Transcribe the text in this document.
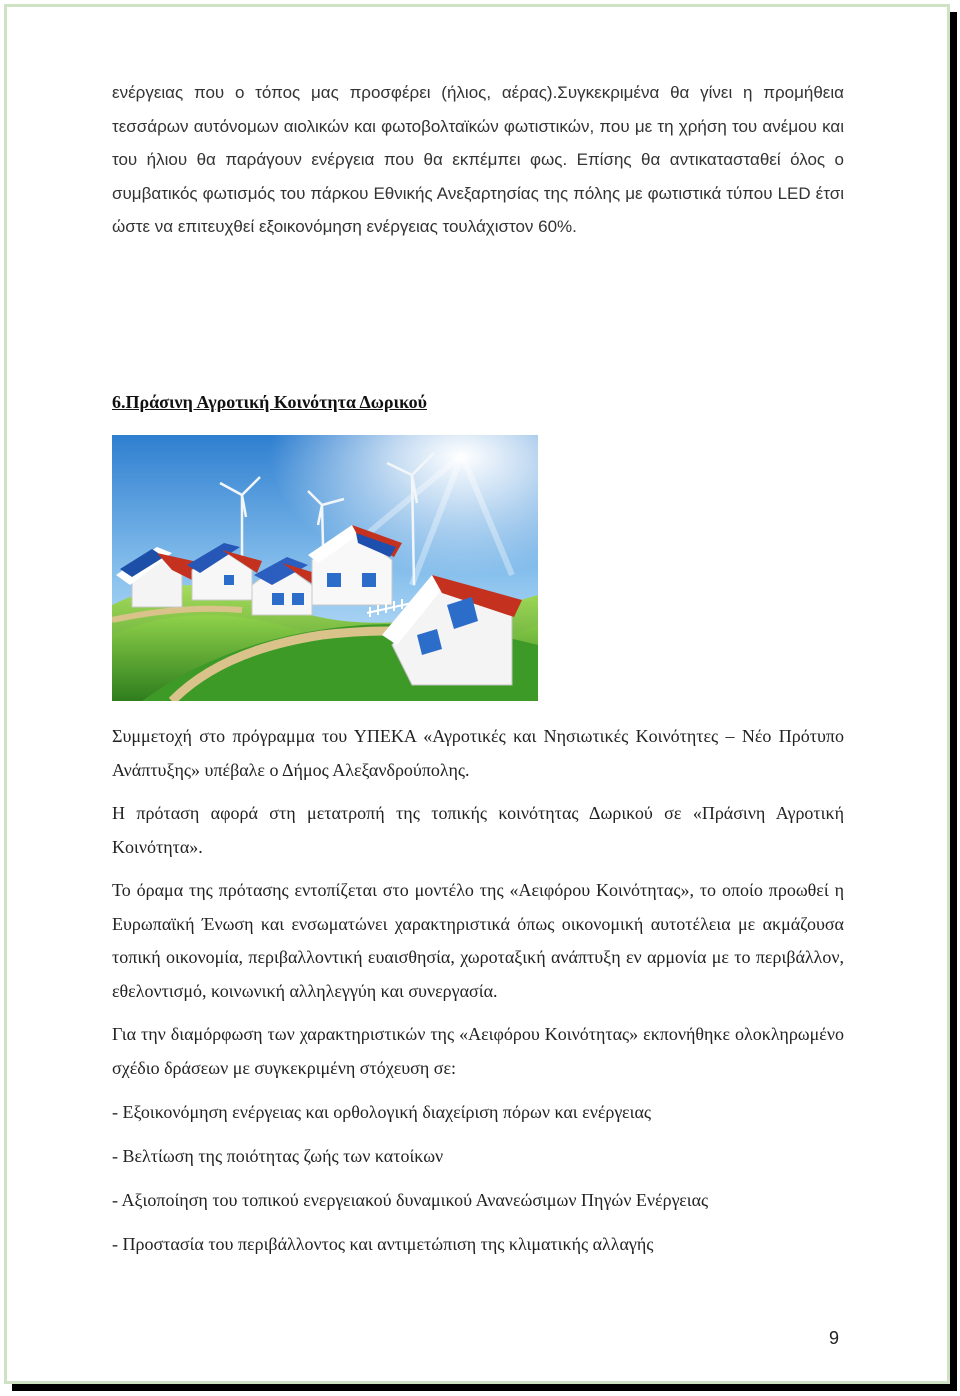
ενέργειας που ο τόπος μας προσφέρει (ήλιος, αέρας).Συγκεκριμένα θα γίνει η προμήθεια τεσσάρων αυτόνομων αιολικών και φωτοβολταϊκών φωτιστικών, που με τη χρήση του ανέμου και του ήλιου θα παράγουν ενέργεια που θα εκπέμπει φως. Επίσης θα αντικατασταθεί όλος ο συμβατικός φωτισμός του πάρκου Εθνικής Ανεξαρτησίας της πόλης με φωτιστικά τύπου LED έτσι ώστε να επιτευχθεί εξοικονόμηση ενέργειας τουλάχιστον 60%.

6.Πράσινη Αγροτική Κοινότητα Δωρικού

Συμμετοχή στο πρόγραμμα του ΥΠΕΚΑ «Αγροτικές και Νησιωτικές Κοινότητες – Νέο Πρότυπο Ανάπτυξης» υπέβαλε ο Δήμος Αλεξανδρούπολης.

Η πρόταση αφορά στη μετατροπή της τοπικής κοινότητας Δωρικού σε «Πράσινη Αγροτική Κοινότητα».

Το όραμα της πρότασης εντοπίζεται στο μοντέλο της «Αειφόρου Κοινότητας», το οποίο προωθεί η Ευρωπαϊκή Ένωση και ενσωματώνει χαρακτηριστικά όπως οικονομική αυτοτέλεια με ακμάζουσα τοπική οικονομία, περιβαλλοντική ευαισθησία, χωροταξική ανάπτυξη εν αρμονία με το περιβάλλον, εθελοντισμό, κοινωνική αλληλεγγύη και συνεργασία.

Για την διαμόρφωση των χαρακτηριστικών της «Αειφόρου Κοινότητας» εκπονήθηκε ολοκληρωμένο σχέδιο δράσεων με συγκεκριμένη στόχευση σε:

- Εξοικονόμηση ενέργειας και ορθολογική διαχείριση πόρων και ενέργειας

- Βελτίωση της ποιότητας ζωής των κατοίκων

- Αξιοποίηση του τοπικού ενεργειακού δυναμικού Ανανεώσιμων Πηγών Ενέργειας

- Προστασία του περιβάλλοντος και αντιμετώπιση της κλιματικής αλλαγής

9
